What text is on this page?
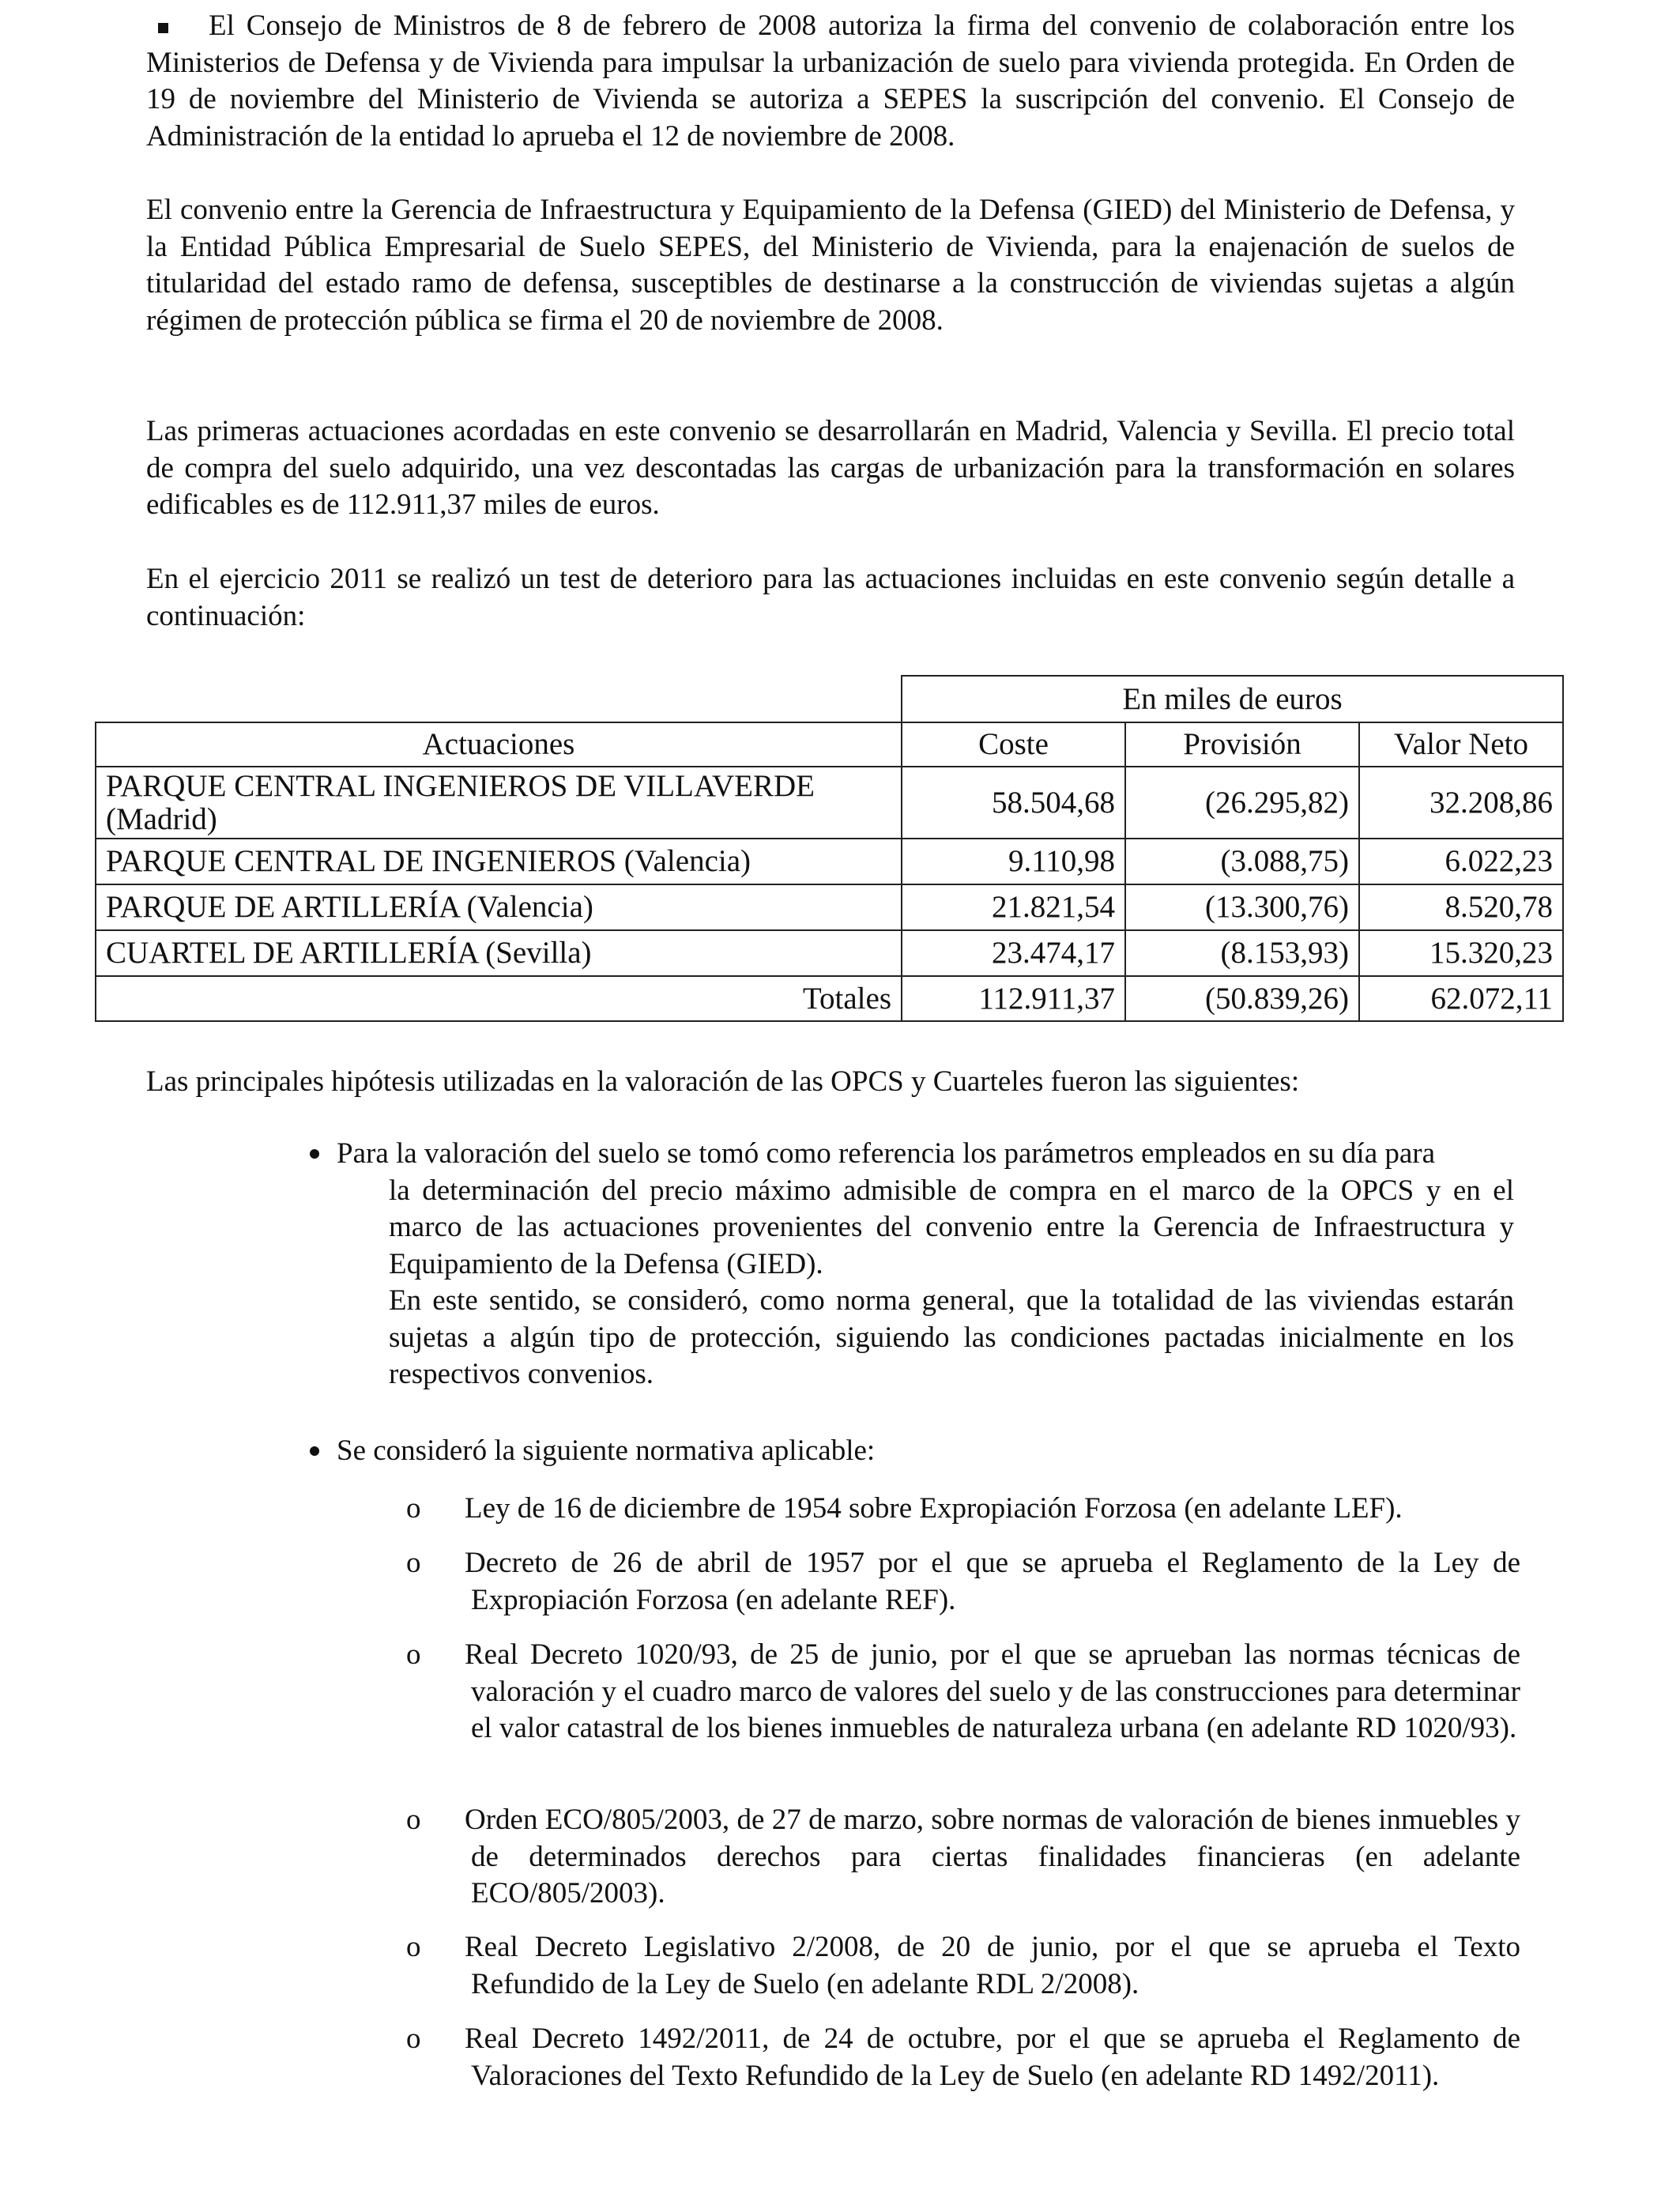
El Consejo de Ministros de 8 de febrero de 2008 autoriza la firma del convenio de colaboración entre los Ministerios de Defensa y de Vivienda para impulsar la urbanización de suelo para vivienda protegida. En Orden de 19 de noviembre del Ministerio de Vivienda se autoriza a SEPES la suscripción del convenio. El Consejo de Administración de la entidad lo aprueba el 12 de noviembre de 2008.

El convenio entre la Gerencia de Infraestructura y Equipamiento de la Defensa (GIED) del Ministerio de Defensa, y la Entidad Pública Empresarial de Suelo SEPES, del Ministerio de Vivienda, para la enajenación de suelos de titularidad del estado ramo de defensa, susceptibles de destinarse a la construcción de viviendas sujetas a algún régimen de protección pública se firma el 20 de noviembre de 2008.

Las primeras actuaciones acordadas en este convenio se desarrollarán en Madrid, Valencia y Sevilla. El precio total de compra del suelo adquirido, una vez descontadas las cargas de urbanización para la transformación en solares edificables es de 112.911,37 miles de euros.

En el ejercicio 2011 se realizó un test de deterioro para las actuaciones incluidas en este convenio según detalle a continuación:

	En miles de euros		
Actuaciones	Coste	Provisión	Valor Neto
PARQUE CENTRAL INGENIEROS DE VILLAVERDE (Madrid)	58.504,68	(26.295,82)	32.208,86
PARQUE CENTRAL DE INGENIEROS (Valencia)	9.110,98	(3.088,75)	6.022,23
PARQUE DE ARTILLERÍA (Valencia)	21.821,54	(13.300,76)	8.520,78
CUARTEL DE ARTILLERÍA (Sevilla)	23.474,17	(8.153,93)	15.320,23
Totales	112.911,37	(50.839,26)	62.072,11

Las principales hipótesis utilizadas en la valoración de las OPCS y Cuarteles fueron las siguientes:

Para la valoración del suelo se tomó como referencia los parámetros empleados en su día para
la determinación del precio máximo admisible de compra en el marco de la OPCS y en el marco de las actuaciones provenientes del convenio entre la Gerencia de Infraestructura y Equipamiento de la Defensa (GIED).
En este sentido, se consideró, como norma general, que la totalidad de las viviendas estarán sujetas a algún tipo de protección, siguiendo las condiciones pactadas inicialmente en los respectivos convenios.
Se consideró la siguiente normativa aplicable:
o Ley de 16 de diciembre de 1954 sobre Expropiación Forzosa (en adelante LEF).
o Decreto de 26 de abril de 1957 por el que se aprueba el Reglamento de la Ley de Expropiación Forzosa (en adelante REF).
o Real Decreto 1020/93, de 25 de junio, por el que se aprueban las normas técnicas de valoración y el cuadro marco de valores del suelo y de las construcciones para determinar el valor catastral de los bienes inmuebles de naturaleza urbana (en adelante RD 1020/93).
o Orden ECO/805/2003, de 27 de marzo, sobre normas de valoración de bienes inmuebles y de determinados derechos para ciertas finalidades financieras (en adelante ECO/805/2003).
o Real Decreto Legislativo 2/2008, de 20 de junio, por el que se aprueba el Texto Refundido de la Ley de Suelo (en adelante RDL 2/2008).
o Real Decreto 1492/2011, de 24 de octubre, por el que se aprueba el Reglamento de Valoraciones del Texto Refundido de la Ley de Suelo (en adelante RD 1492/2011).
